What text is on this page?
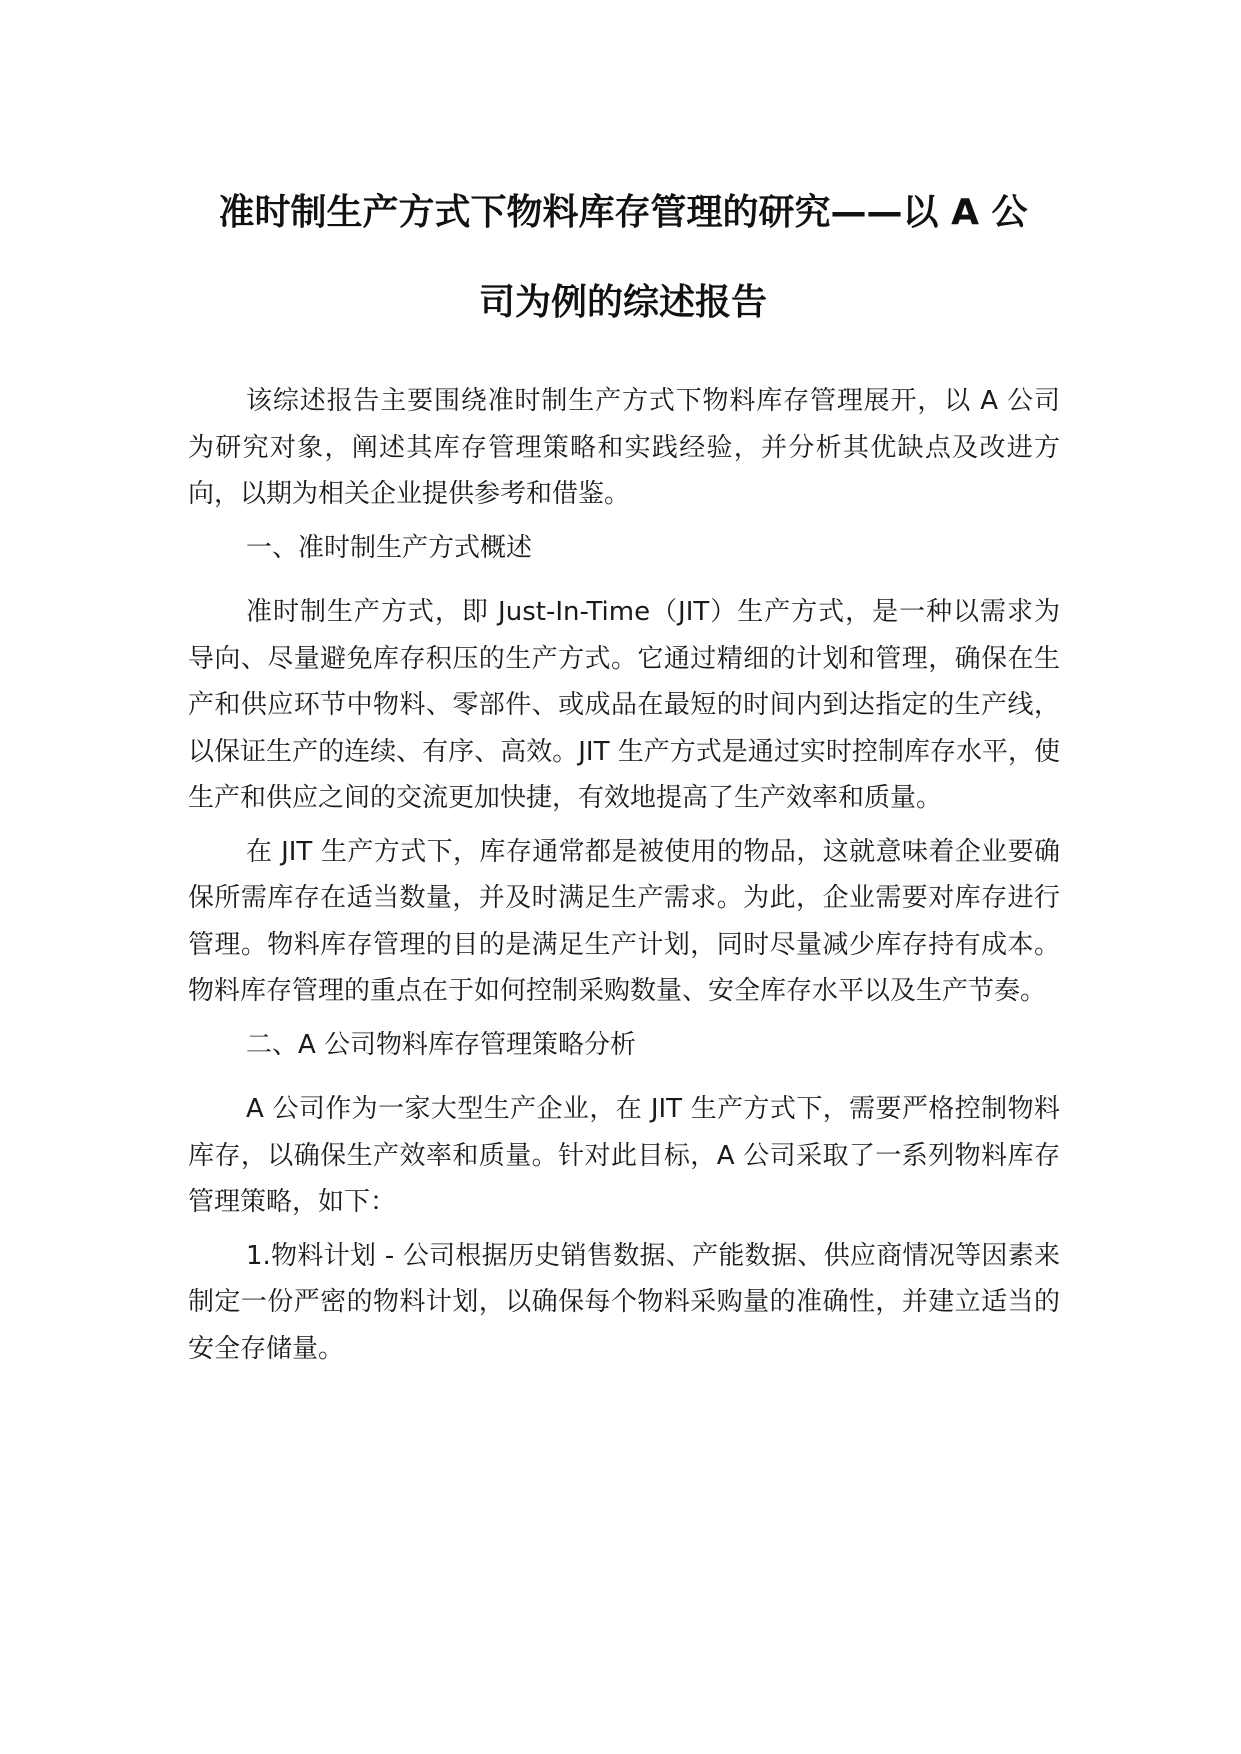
准时制生产方式下物料库存管理的研究——以 A 公
司为例的综述报告

该综述报告主要围绕准时制生产方式下物料库存管理展开，以 A 公司为研究对象，阐述其库存管理策略和实践经验，并分析其优缺点及改进方向，以期为相关企业提供参考和借鉴。

一、准时制生产方式概述

准时制生产方式，即 Just-In-Time（JIT）生产方式，是一种以需求为导向、尽量避免库存积压的生产方式。它通过精细的计划和管理，确保在生产和供应环节中物料、零部件、或成品在最短的时间内到达指定的生产线，以保证生产的连续、有序、高效。JIT 生产方式是通过实时控制库存水平，使生产和供应之间的交流更加快捷，有效地提高了生产效率和质量。

在 JIT 生产方式下，库存通常都是被使用的物品，这就意味着企业要确保所需库存在适当数量，并及时满足生产需求。为此，企业需要对库存进行管理。物料库存管理的目的是满足生产计划，同时尽量减少库存持有成本。物料库存管理的重点在于如何控制采购数量、安全库存水平以及生产节奏。

二、A 公司物料库存管理策略分析

A 公司作为一家大型生产企业，在 JIT 生产方式下，需要严格控制物料库存，以确保生产效率和质量。针对此目标，A 公司采取了一系列物料库存管理策略，如下：

1.物料计划 - 公司根据历史销售数据、产能数据、供应商情况等因素来制定一份严密的物料计划，以确保每个物料采购量的准确性，并建立适当的安全存储量。
